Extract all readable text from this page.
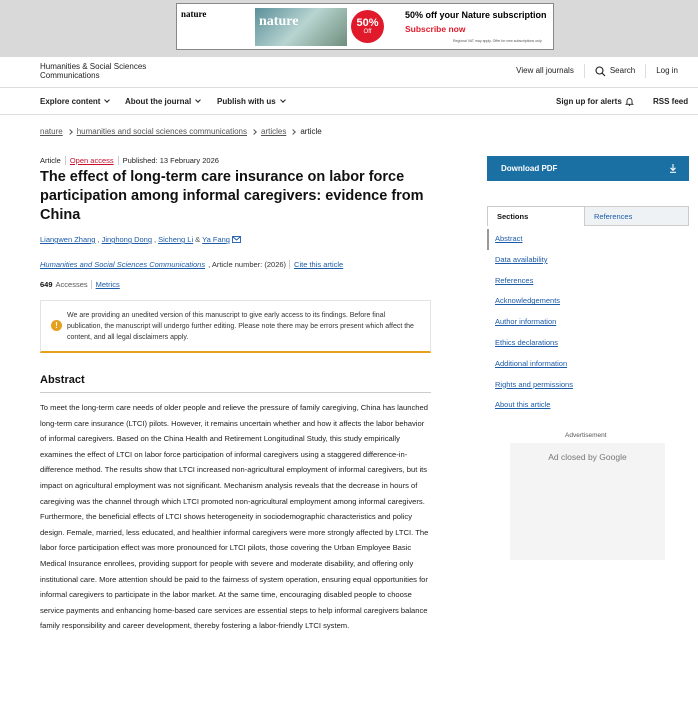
nature	nature	50%
Off
50% off your Nature subscription
Subscribe now
Regional VAT may apply. Offer for new subscriptions only.
Humanities & Social Sciences Communications
View all journals	Search	Log in
Explore content	About the journal	Publish with us	Sign up for alerts	RSS feed
nature humanities and social sciences communications articles article
Article	Open access	Published: 13 February 2026
The effect of long-term care insurance on labor force participation among informal caregivers: evidence from China
Liangwen Zhang , Jinghong Dong , Sicheng Li & Ya Fang
Humanities and Social Sciences Communications , Article number: (2026)	Cite this article
649 Accesses	Metrics
!
We are providing an unedited version of this manuscript to give early access to its findings. Before final publication, the manuscript will undergo further editing. Please note there may be errors present which affect the content, and all legal disclaimers apply.
Abstract

To meet the long-term care needs of older people and relieve the pressure of family caregiving, China has launched long-term care insurance (LTCI) pilots. However, it remains uncertain whether and how it affects the labor behavior of informal caregivers. Based on the China Health and Retirement Longitudinal Study, this study empirically examines the effect of LTCI on labor force participation of informal caregivers using a staggered difference-in-difference method. The results show that LTCI increased non-agricultural employment of informal caregivers, but its impact on agricultural employment was not significant. Mechanism analysis reveals that the decrease in hours of caregiving was the channel through which LTCI promoted non-agricultural employment among informal caregivers. Furthermore, the beneficial effects of LTCI shows heterogeneity in sociodemographic characteristics and policy design. Female, married, less educated, and healthier informal caregivers were more strongly affected by LTCI. The labor force participation effect was more pronounced for LTCI pilots, those covering the Urban Employee Basic Medical Insurance enrollees, providing support for people with severe and moderate disability, and offering only institutional care. More attention should be paid to the fairness of system operation, ensuring equal opportunities for informal caregivers to participate in the labor market. At the same time, encouraging disabled people to choose service payments and enhancing home-based care services are essential steps to help informal caregivers balance family responsibility and career development, thereby fostering a labor-friendly LTCI system.

Download PDF
Sections	References
Abstract
Data availability
References
Acknowledgements
Author information
Ethics declarations
Additional information
Rights and permissions
About this article
Advertisement
Ad closed by Google
